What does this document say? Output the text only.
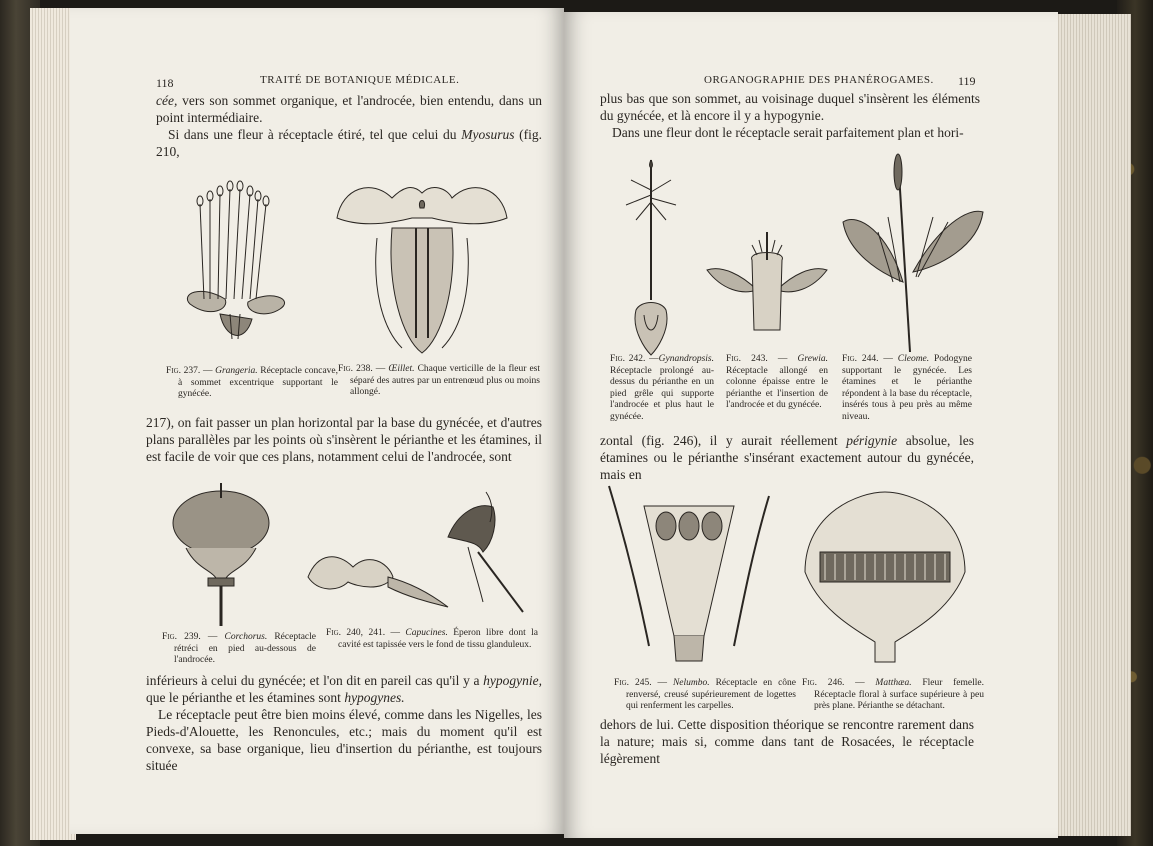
118	TRAITÉ DE BOTANIQUE MÉDICALE.
cée, vers son sommet organique, et l'androcée, bien entendu, dans un point intermédiaire.
Si dans une fleur à réceptacle étiré, tel que celui du Myosurus (fig. 210,
Fig. 237. — Grangeria. Réceptacle concave, à sommet excentrique supportant le gynécée.
Fig. 238. — Œillet. Chaque verticille de la fleur est séparé des autres par un entrenœud plus ou moins allongé.
217), on fait passer un plan horizontal par la base du gynécée, et d'autres plans parallèles par les points où s'insèrent le périanthe et les étamines, il est facile de voir que ces plans, notamment celui de l'androcée, sont
Fig. 239. — Corchorus. Réceptacle rétréci en pied au-dessous de l'androcée.
Fig. 240, 241. — Capucines. Éperon libre dont la cavité est tapissée vers le fond de tissu glanduleux.
inférieurs à celui du gynécée; et l'on dit en pareil cas qu'il y a hypogynie, que le périanthe et les étamines sont hypogynes.
Le réceptacle peut être bien moins élevé, comme dans les Nigelles, les Pieds-d'Alouette, les Renoncules, etc.; mais du moment qu'il est convexe, sa base organique, lieu d'insertion du périanthe, est toujours située
ORGANOGRAPHIE DES PHANÉROGAMES. 119
plus bas que son sommet, au voisinage duquel s'insèrent les éléments du gynécée, et là encore il y a hypogynie.
Dans une fleur dont le réceptacle serait parfaitement plan et hori-
Fig. 242. —Gynandropsis. Réceptacle prolongé au-dessus du périanthe en un pied grêle qui supporte l'androcée et plus haut le gynécée.
Fig. 243. — Grewia. Réceptacle allongé en colonne épaisse entre le périanthe et l'insertion de l'androcée et du gynécée.
Fig. 244. — Cleome. Podogyne supportant le gynécée. Les étamines et le périanthe répondent à la base du réceptacle, insérés tous à peu près au même niveau.
zontal (fig. 246), il y aurait réellement périgynie absolue, les étamines ou le périanthe s'insérant exactement autour du gynécée, mais en
Fig. 245. — Nelumbo. Réceptacle en cône renversé, creusé supérieurement de logettes qui renferment les carpelles.
Fig. 246. — Matthæa. Fleur femelle. Réceptacle floral à surface supérieure à peu près plane. Périanthe se détachant.
dehors de lui. Cette disposition théorique se rencontre rarement dans la nature; mais si, comme dans tant de Rosacées, le réceptacle légèrement
